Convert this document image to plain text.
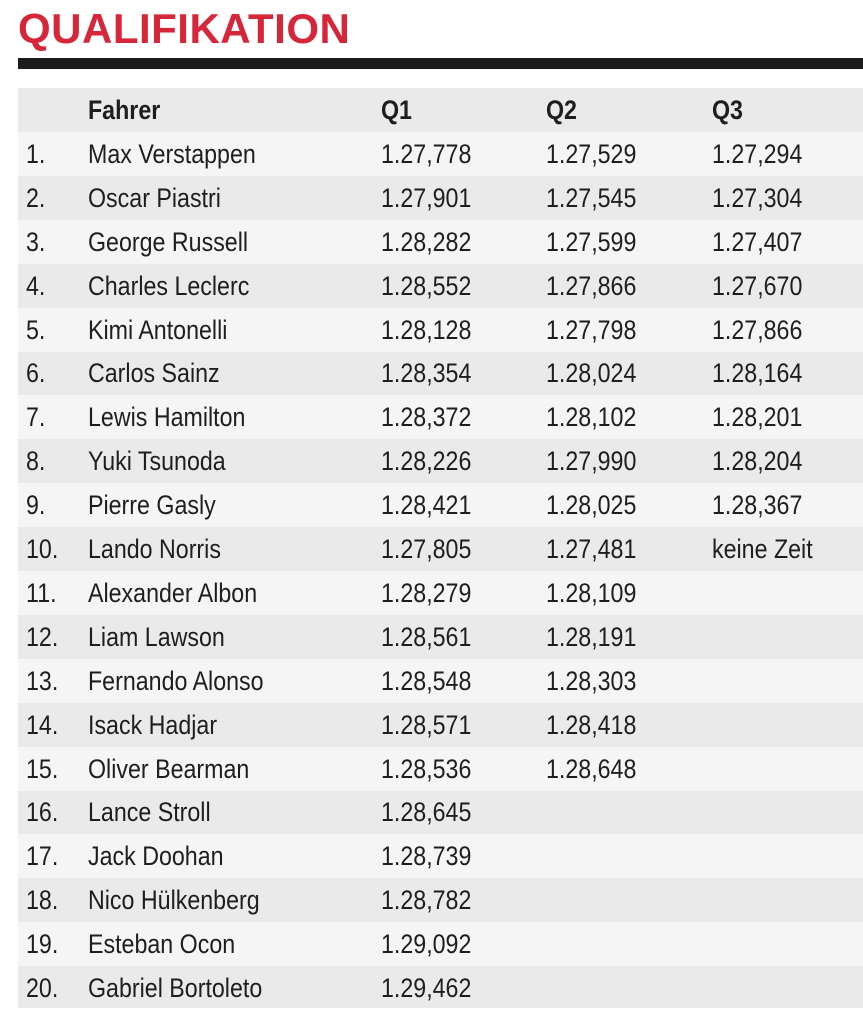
QUALIFIKATION
Fahrer	Q1	Q2	Q3
1. Max Verstappen	1.27,778	1.27,529	1.27,294
2. Oscar Piastri	1.27,901	1.27,545	1.27,304
3. George Russell	1.28,282	1.27,599	1.27,407
4. Charles Leclerc	1.28,552	1.27,866	1.27,670
5. Kimi Antonelli	1.28,128	1.27,798	1.27,866
6. Carlos Sainz	1.28,354	1.28,024	1.28,164
7. Lewis Hamilton	1.28,372	1.28,102	1.28,201
8. Yuki Tsunoda	1.28,226	1.27,990	1.28,204
9. Pierre Gasly	1.28,421	1.28,025	1.28,367
10. Lando Norris	1.27,805	1.27,481	keine Zeit
11. Alexander Albon	1.28,279	1.28,109
12. Liam Lawson	1.28,561	1.28,191
13. Fernando Alonso	1.28,548	1.28,303
14. Isack Hadjar	1.28,571	1.28,418
15. Oliver Bearman	1.28,536	1.28,648
16. Lance Stroll	1.28,645
17. Jack Doohan	1.28,739
18. Nico Hülkenberg	1.28,782
19. Esteban Ocon	1.29,092
20. Gabriel Bortoleto	1.29,462
